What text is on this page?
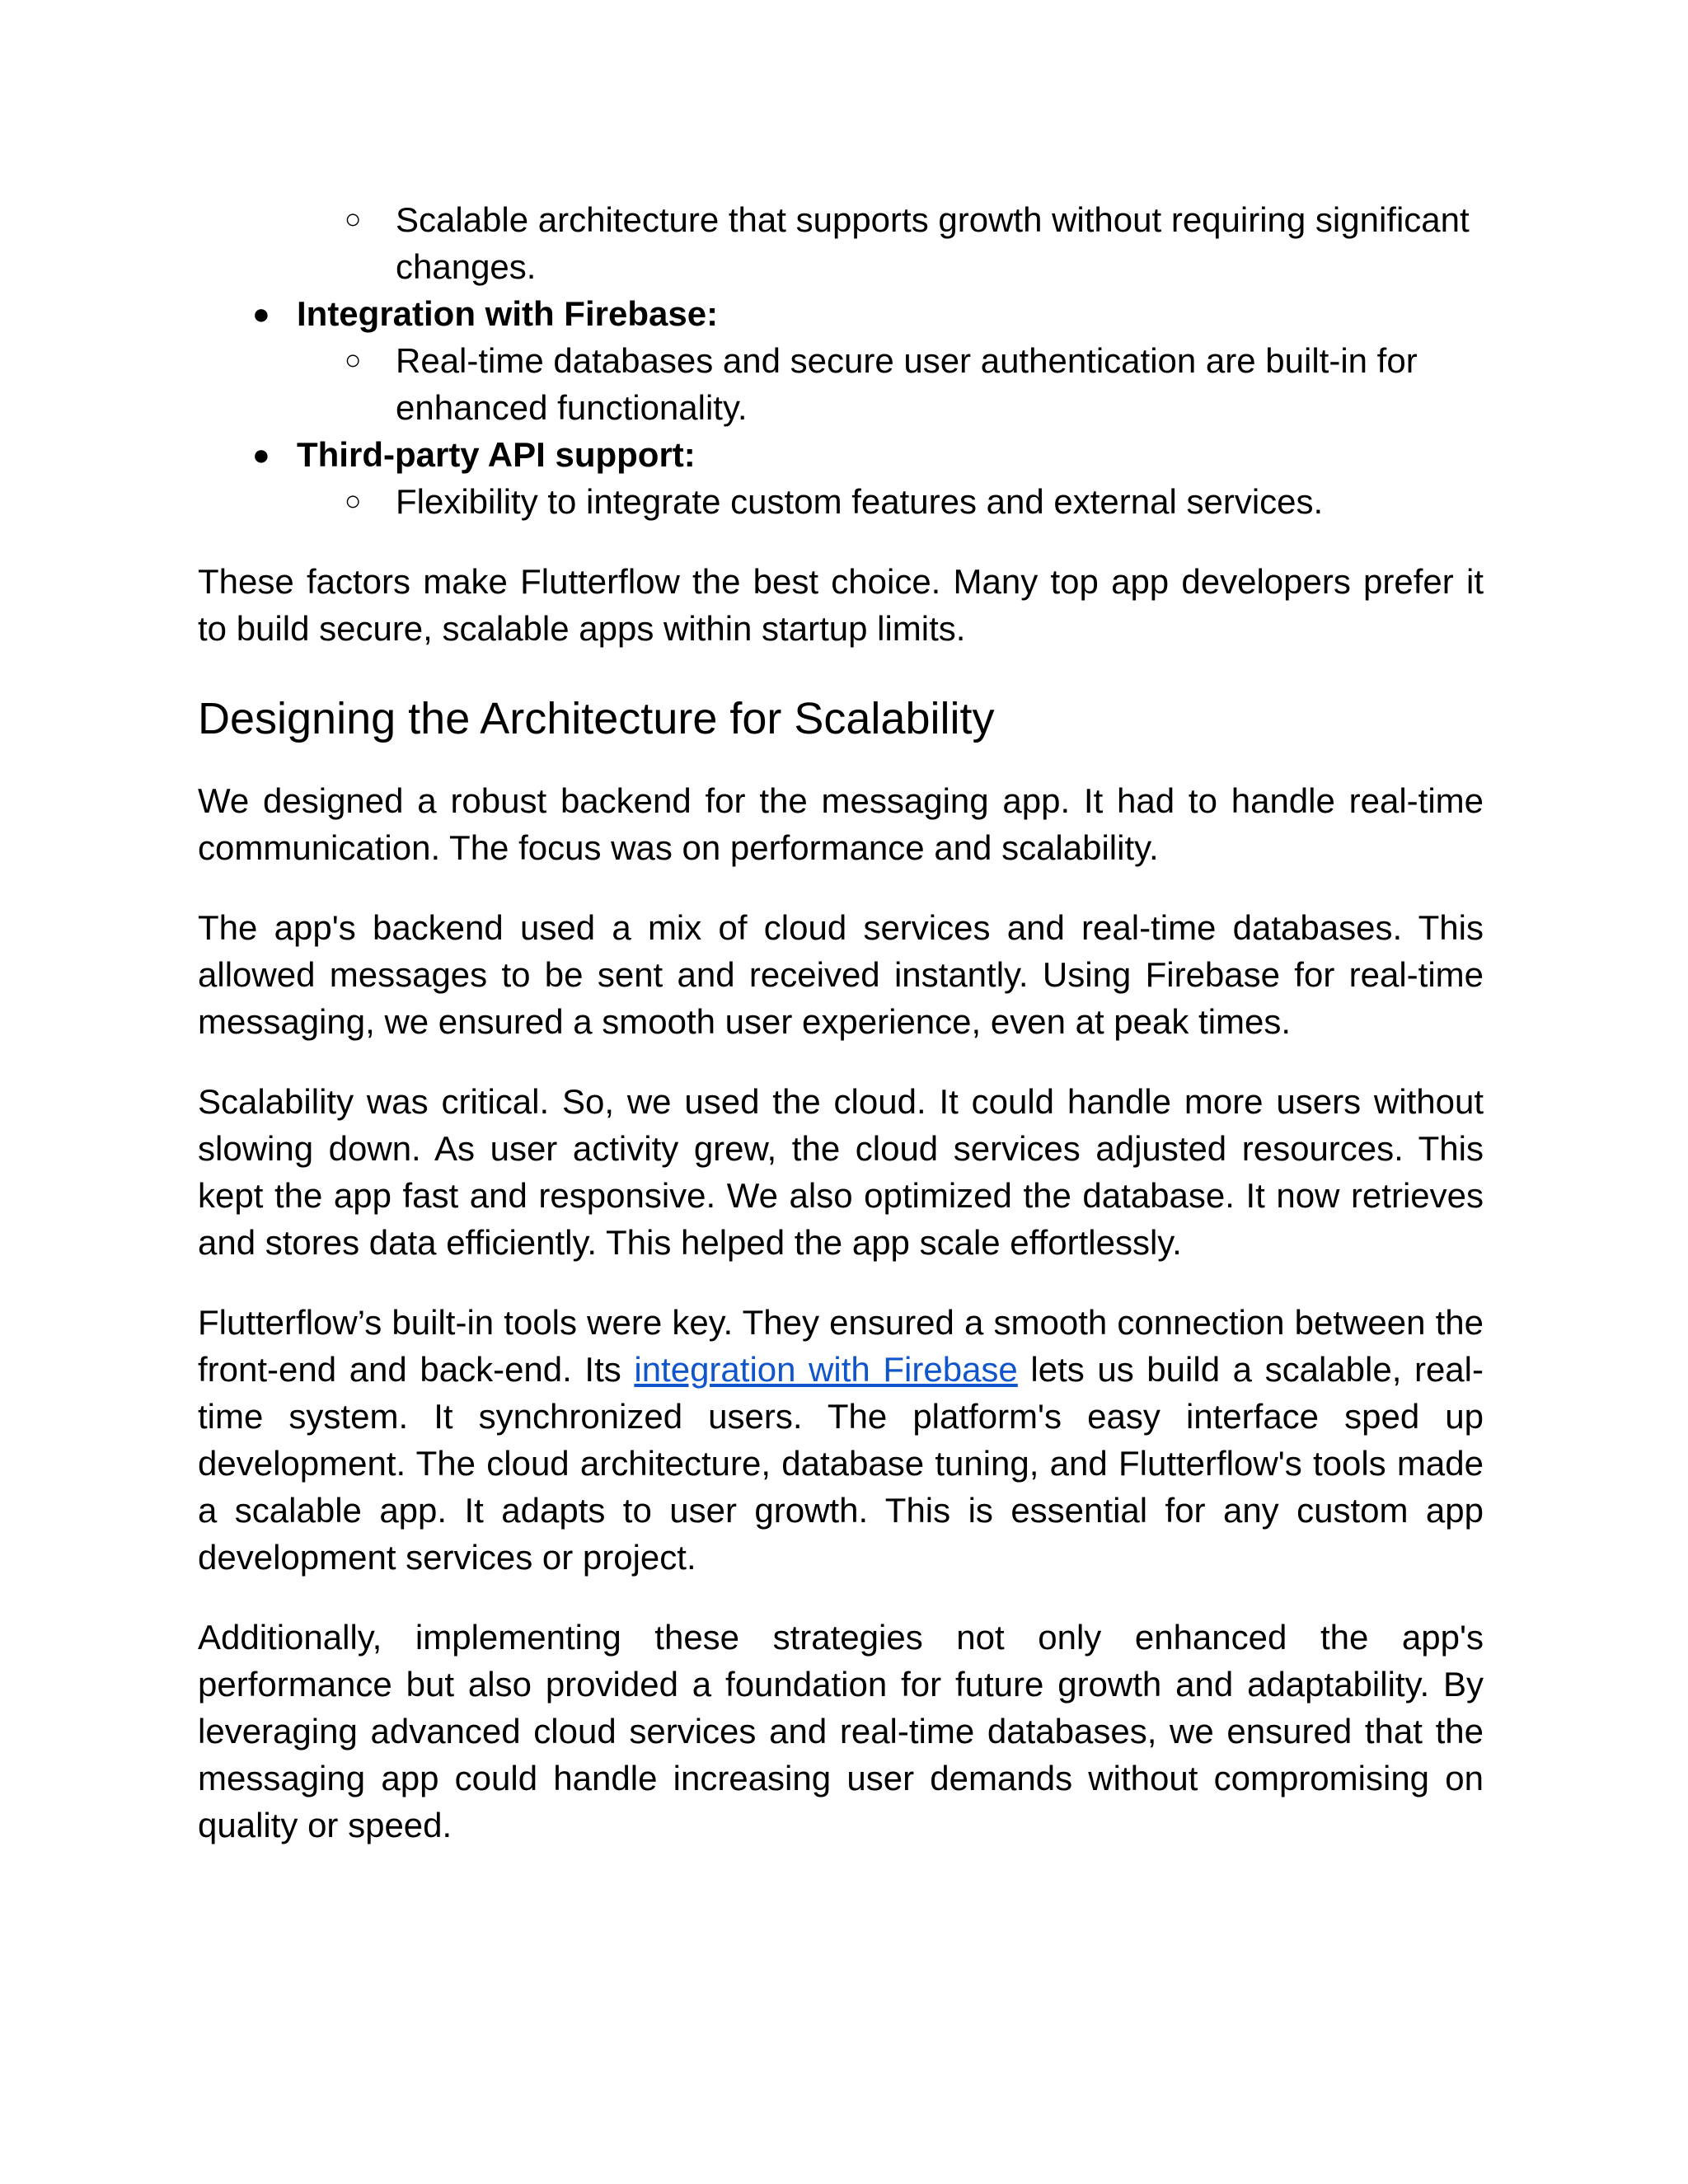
○ Scalable architecture that supports growth without requiring significant changes.
● Integration with Firebase:
○ Real-time databases and secure user authentication are built-in for enhanced functionality.
● Third-party API support:
○ Flexibility to integrate custom features and external services.

These factors make Flutterflow the best choice. Many top app developers prefer it to build secure, scalable apps within startup limits.

Designing the Architecture for Scalability

We designed a robust backend for the messaging app. It had to handle real-time communication. The focus was on performance and scalability.

The app's backend used a mix of cloud services and real-time databases. This allowed messages to be sent and received instantly. Using Firebase for real-time messaging, we ensured a smooth user experience, even at peak times.

Scalability was critical. So, we used the cloud. It could handle more users without slowing down. As user activity grew, the cloud services adjusted resources. This kept the app fast and responsive. We also optimized the database. It now retrieves and stores data efficiently. This helped the app scale effortlessly.

Flutterflow’s built-in tools were key. They ensured a smooth connection between the front-end and back-end. Its integration with Firebase lets us build a scalable, real-time system. It synchronized users. The platform's easy interface sped up development. The cloud architecture, database tuning, and Flutterflow's tools made a scalable app. It adapts to user growth. This is essential for any custom app development services or project.

Additionally, implementing these strategies not only enhanced the app's performance but also provided a foundation for future growth and adaptability. By leveraging advanced cloud services and real-time databases, we ensured that the messaging app could handle increasing user demands without compromising on quality or speed.
